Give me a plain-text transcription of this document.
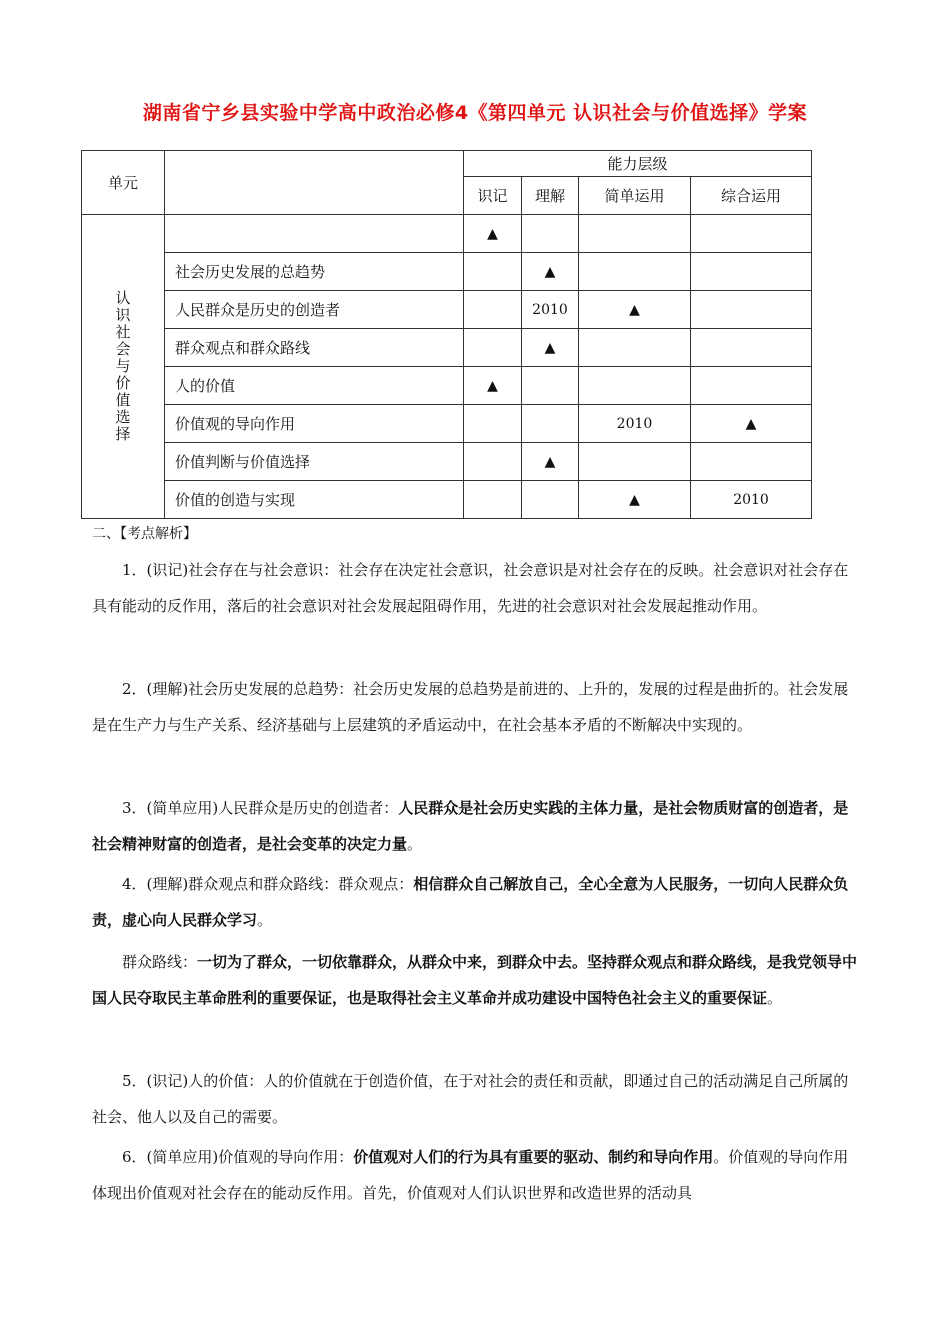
湖南省宁乡县实验中学高中政治必修4《第四单元 认识社会与价值选择》学案
单元		能力层级			
		识记	理解	简单运用	综合运用
认识社会与价值选择		▲			
	社会历史发展的总趋势		▲		
	人民群众是历史的创造者		2010	▲	
	群众观点和群众路线		▲		
	人的价值	▲			
	价值观的导向作用			2010	▲
	价值判断与价值选择		▲		
	价值的创造与实现			▲	2010
二、【考点解析】
1．(识记)社会存在与社会意识：社会存在决定社会意识，社会意识是对社会存在的反映。社会意识对社会存在具有能动的反作用，落后的社会意识对社会发展起阻碍作用，先进的社会意识对社会发展起推动作用。
2．(理解)社会历史发展的总趋势：社会历史发展的总趋势是前进的、上升的，发展的过程是曲折的。社会发展是在生产力与生产关系、经济基础与上层建筑的矛盾运动中，在社会基本矛盾的不断解决中实现的。
3．(简单应用)人民群众是历史的创造者：人民群众是社会历史实践的主体力量，是社会物质财富的创造者，是社会精神财富的创造者，是社会变革的决定力量。
4．(理解)群众观点和群众路线：群众观点：相信群众自己解放自己，全心全意为人民服务，一切向人民群众负责，虚心向人民群众学习。
群众路线：一切为了群众，一切依靠群众，从群众中来，到群众中去。坚持群众观点和群众路线，是我党领导中国人民夺取民主革命胜利的重要保证，也是取得社会主义革命并成功建设中国特色社会主义的重要保证。
5．(识记)人的价值：人的价值就在于创造价值，在于对社会的责任和贡献，即通过自己的活动满足自己所属的社会、他人以及自己的需要。
6．(简单应用)价值观的导向作用：价值观对人们的行为具有重要的驱动、制约和导向作用。价值观的导向作用体现出价值观对社会存在的能动反作用。首先，价值观对人们认识世界和改造世界的活动具
